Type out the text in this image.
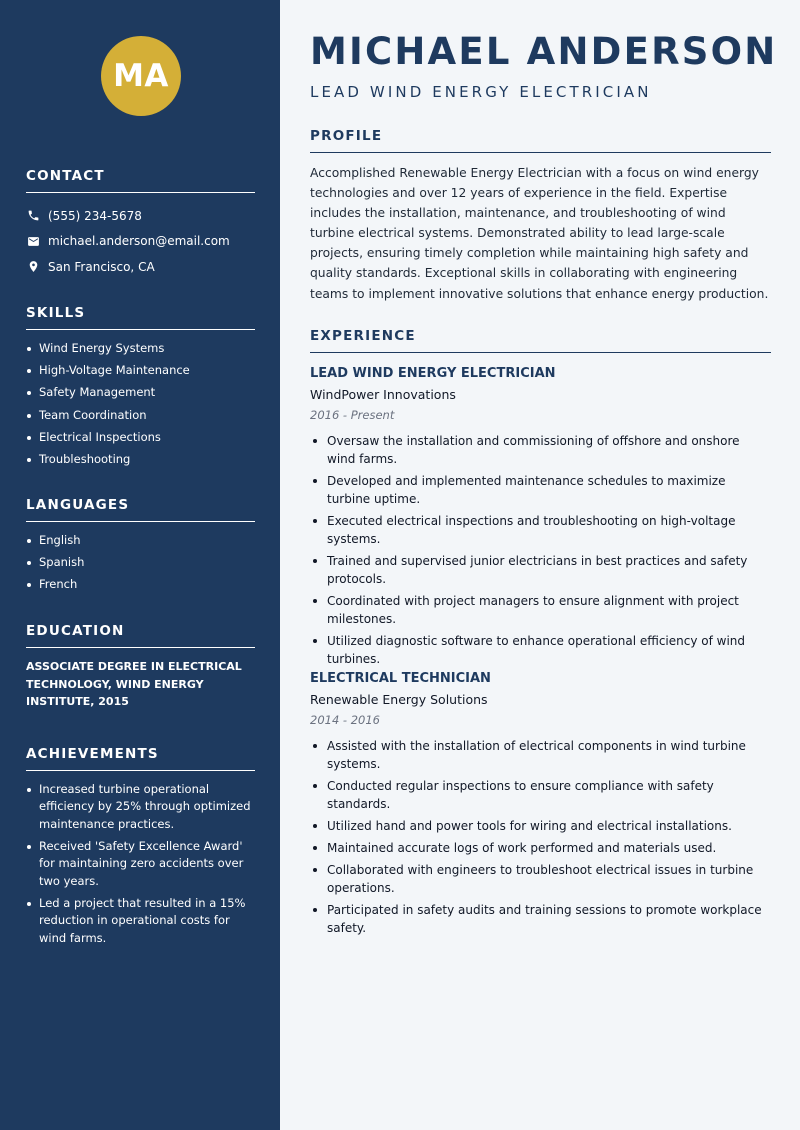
MA
CONTACT
(555) 234-5678
michael.anderson@email.com
San Francisco, CA
SKILLS
Wind Energy Systems
High-Voltage Maintenance
Safety Management
Team Coordination
Electrical Inspections
Troubleshooting
LANGUAGES
English
Spanish
French
EDUCATION

ASSOCIATE DEGREE IN ELECTRICAL TECHNOLOGY, WIND ENERGY INSTITUTE, 2015

ACHIEVEMENTS
Increased turbine operational efficiency by 25% through optimized maintenance practices.
Received 'Safety Excellence Award' for maintaining zero accidents over two years.
Led a project that resulted in a 15% reduction in operational costs for wind farms.
MICHAEL ANDERSON
LEAD WIND ENERGY ELECTRICIAN
PROFILE

Accomplished Renewable Energy Electrician with a focus on wind energy technologies and over 12 years of experience in the field. Expertise includes the installation, maintenance, and troubleshooting of wind turbine electrical systems. Demonstrated ability to lead large-scale projects, ensuring timely completion while maintaining high safety and quality standards. Exceptional skills in collaborating with engineering teams to implement innovative solutions that enhance energy production.

EXPERIENCE
LEAD WIND ENERGY ELECTRICIAN
WindPower Innovations
2016 - Present
Oversaw the installation and commissioning of offshore and onshore wind farms.
Developed and implemented maintenance schedules to maximize turbine uptime.
Executed electrical inspections and troubleshooting on high-voltage systems.
Trained and supervised junior electricians in best practices and safety protocols.
Coordinated with project managers to ensure alignment with project milestones.
Utilized diagnostic software to enhance operational efficiency of wind turbines.
ELECTRICAL TECHNICIAN
Renewable Energy Solutions
2014 - 2016
Assisted with the installation of electrical components in wind turbine systems.
Conducted regular inspections to ensure compliance with safety standards.
Utilized hand and power tools for wiring and electrical installations.
Maintained accurate logs of work performed and materials used.
Collaborated with engineers to troubleshoot electrical issues in turbine operations.
Participated in safety audits and training sessions to promote workplace safety.
